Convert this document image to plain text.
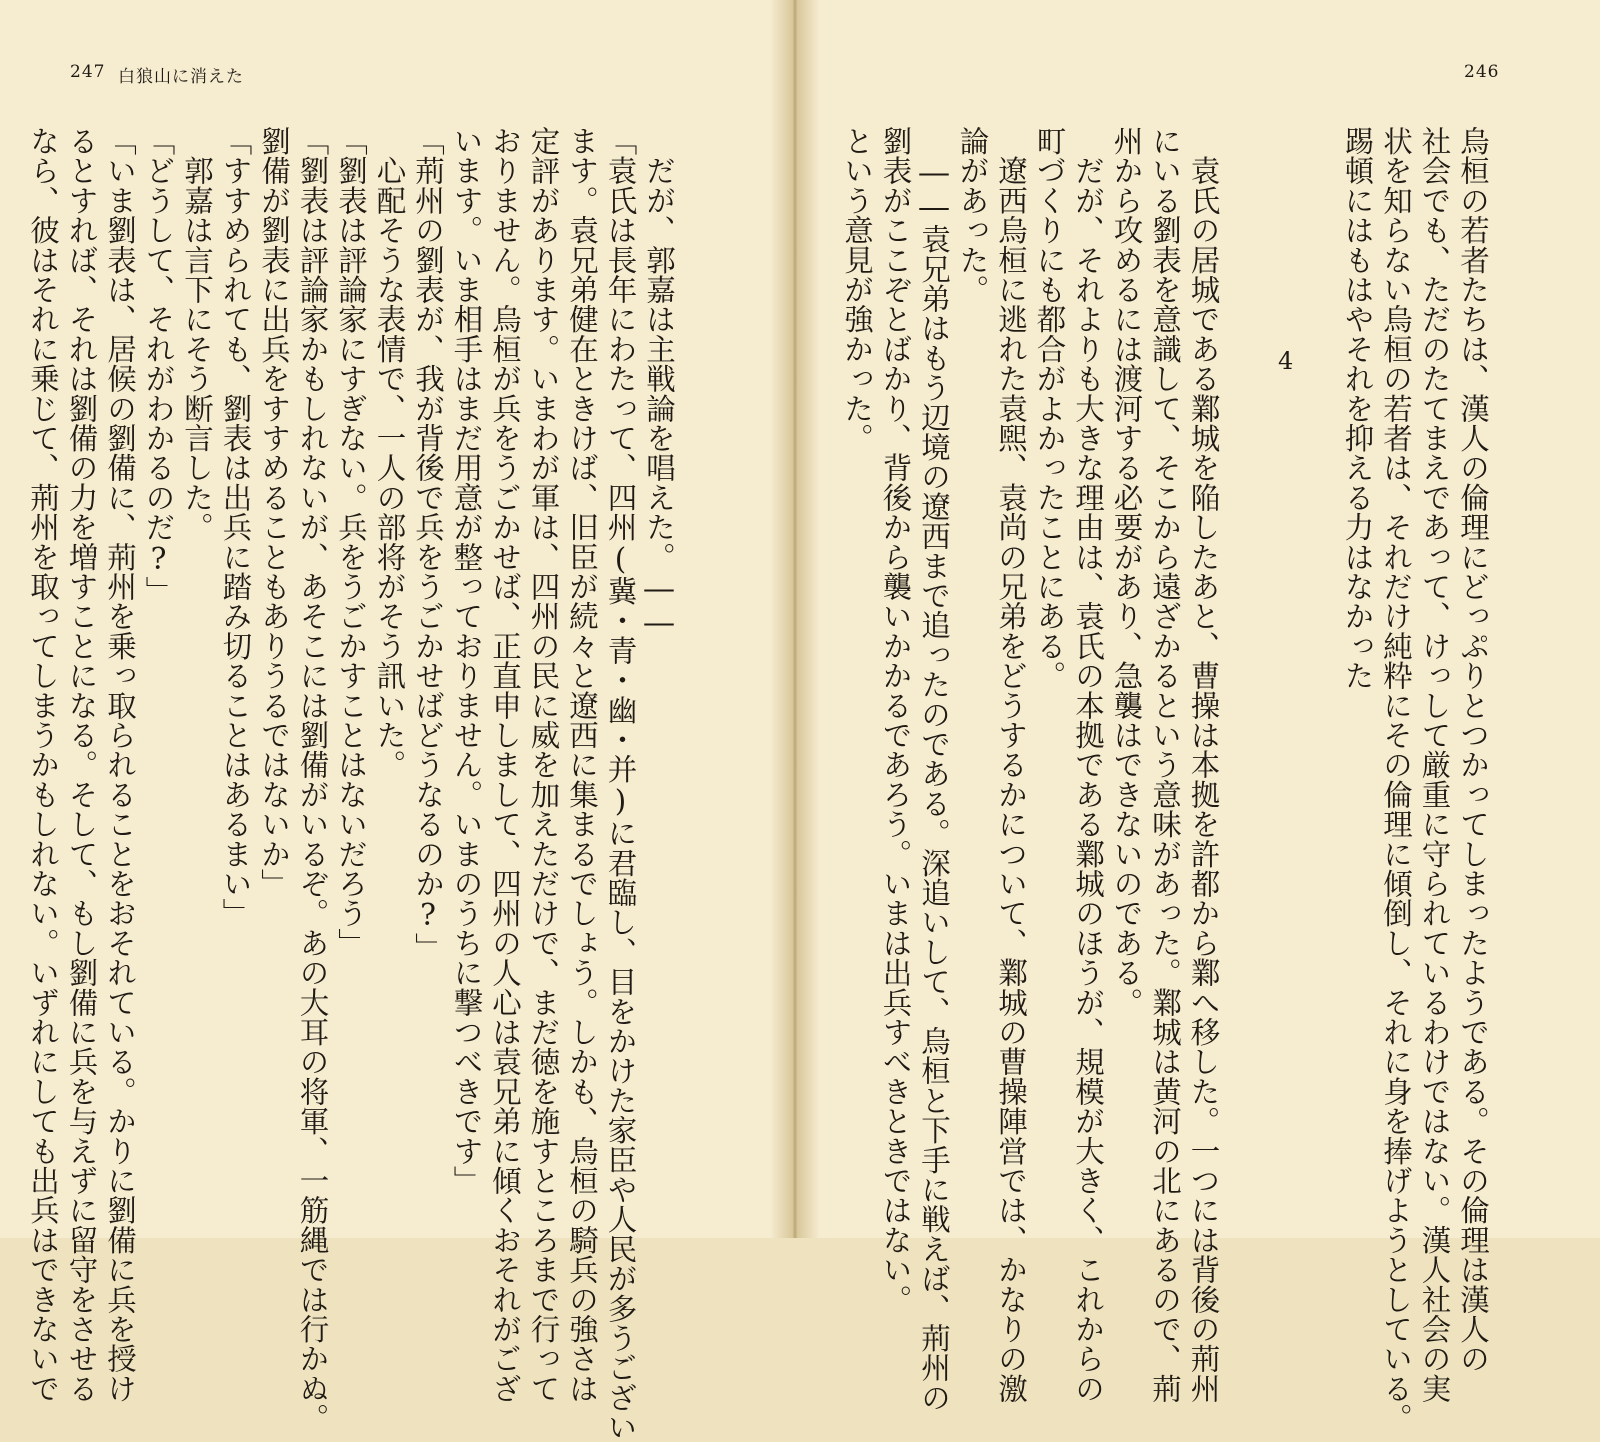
247 白狼山に消えた	246
烏桓の若者たちは、漢人の倫理にどっぷりとつかってしまったようである。その倫理は漢人の
社会でも、ただのたてまえであって、けっして厳重に守られているわけではない。漢人社会の実
状を知らない烏桓の若者は、それだけ純粋にその倫理に傾倒し、それに身を捧げようとしている。
踢頓にはもはやそれを抑える力はなかった
　袁氏の居城である鄴城を陥したあと、曹操は本拠を許都から鄴へ移した。一つには背後の荊州
にいる劉表を意識して、そこから遠ざかるという意味があった。鄴城は黄河の北にあるので、荊
州から攻めるには渡河する必要があり、急襲はできないのである。
　だが、それよりも大きな理由は、袁氏の本拠である鄴城のほうが、規模が大きく、これからの
町づくりにも都合がよかったことにある。
　遼西烏桓に逃れた袁煕、袁尚の兄弟をどうするかについて、鄴城の曹操陣営では、かなりの激
論があった。
　――袁兄弟はもう辺境の遼西まで追ったのである。深追いして、烏桓と下手に戦えば、荊州の
劉表がここぞとばかり、背後から襲いかかるであろう。いまは出兵すべきときではない。
という意見が強かった。	4
　だが、郭嘉は主戦論を唱えた。――
「袁氏は長年にわたって、四州(冀・青・幽・并)に君臨し、目をかけた家臣や人民が多うござい
ます。袁兄弟健在ときけば、旧臣が続々と遼西に集まるでしょう。しかも、烏桓の騎兵の強さは
定評があります。いまわが軍は、四州の民に威を加えただけで、まだ徳を施すところまで行って
おりません。烏桓が兵をうごかせば、正直申しまして、四州の人心は袁兄弟に傾くおそれがござ
います。いま相手はまだ用意が整っておりません。いまのうちに撃つべきです」
「荊州の劉表が、我が背後で兵をうごかせばどうなるのか?」
　心配そうな表情で、一人の部将がそう訊いた。
「劉表は評論家にすぎない。兵をうごかすことはないだろう」
「劉表は評論家かもしれないが、あそこには劉備がいるぞ。あの大耳の将軍、一筋縄では行かぬ。
劉備が劉表に出兵をすすめることもありうるではないか」
「すすめられても、劉表は出兵に踏み切ることはあるまい」
　郭嘉は言下にそう断言した。
「どうして、それがわかるのだ?」
「いま劉表は、居候の劉備に、荊州を乗っ取られることをおそれている。かりに劉備に兵を授け
るとすれば、それは劉備の力を増すことになる。そして、もし劉備に兵を与えずに留守をさせる
なら、彼はそれに乗じて、荊州を取ってしまうかもしれない。いずれにしても出兵はできないで
